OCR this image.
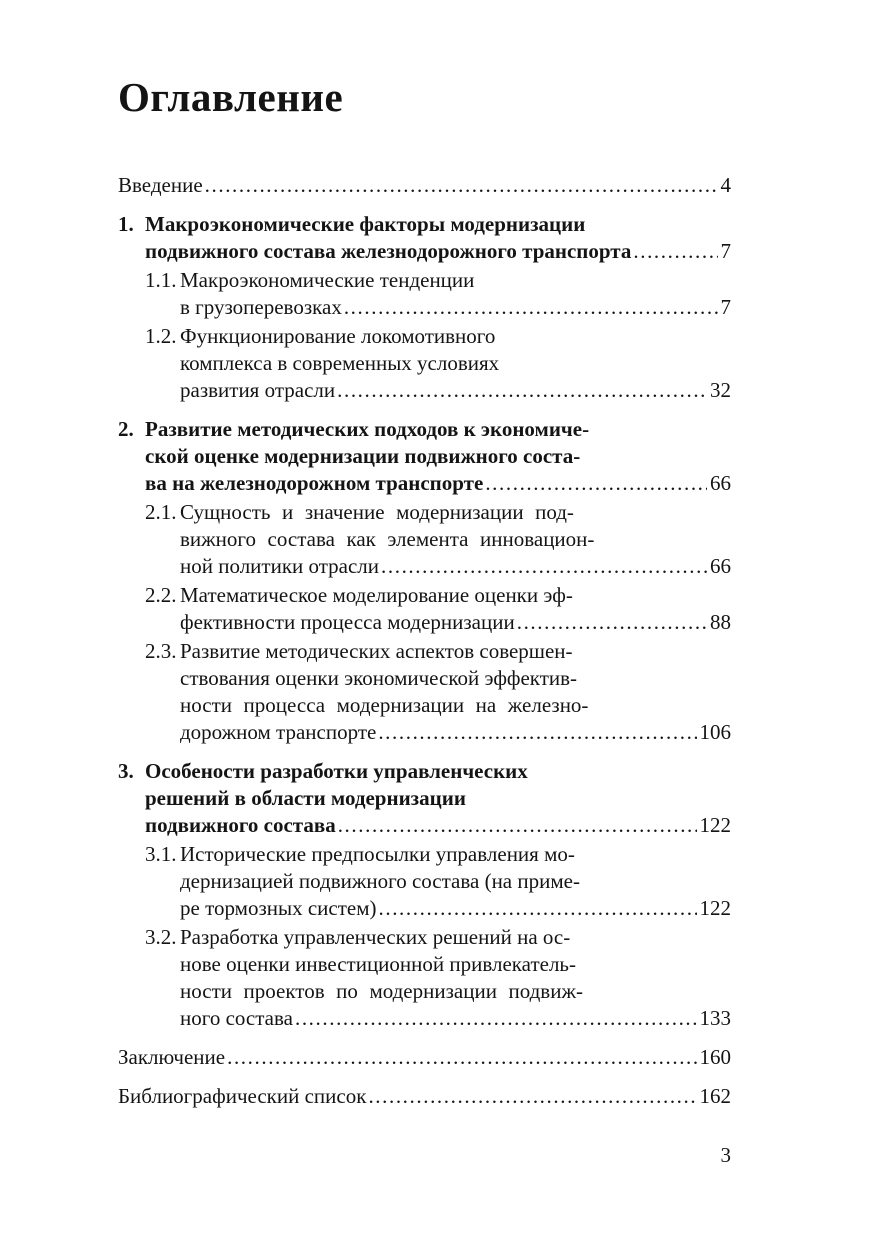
Оглавление
Введение .....	4
1. Макроэкономические факторы модернизации
подвижного состава железнодорожного транспорта .....	7
1.1. Макроэкономические тенденции
в грузоперевозках .....	7
1.2. Функционирование локомотивного
комплекса в современных условиях
развития отрасли .....	32
2. Развитие методических подходов к экономиче-
ской оценке модернизации подвижного соста-
ва на железнодорожном транспорте .....	66
2.1. Сущность и значение модернизации под-
вижного состава как элемента инновацион-
ной политики отрасли .....	66
2.2. Математическое моделирование оценки эф-
фективности процесса модернизации .....	88
2.3. Развитие методических аспектов совершен-
ствования оценки экономической эффектив-
ности процесса модернизации на железно-
дорожном транспорте .....	106
3. Особености разработки управленческих
решений в области модернизации
подвижного состава .....	122
3.1. Исторические предпосылки управления мо-
дернизацией подвижного состава (на приме-
ре тормозных систем) .....	122
3.2. Разработка управленческих решений на ос-
нове оценки инвестиционной привлекатель-
ности проектов по модернизации подвиж-
ного состава .....	133
Заключение .....	160
Библиографический список .....	162
3
